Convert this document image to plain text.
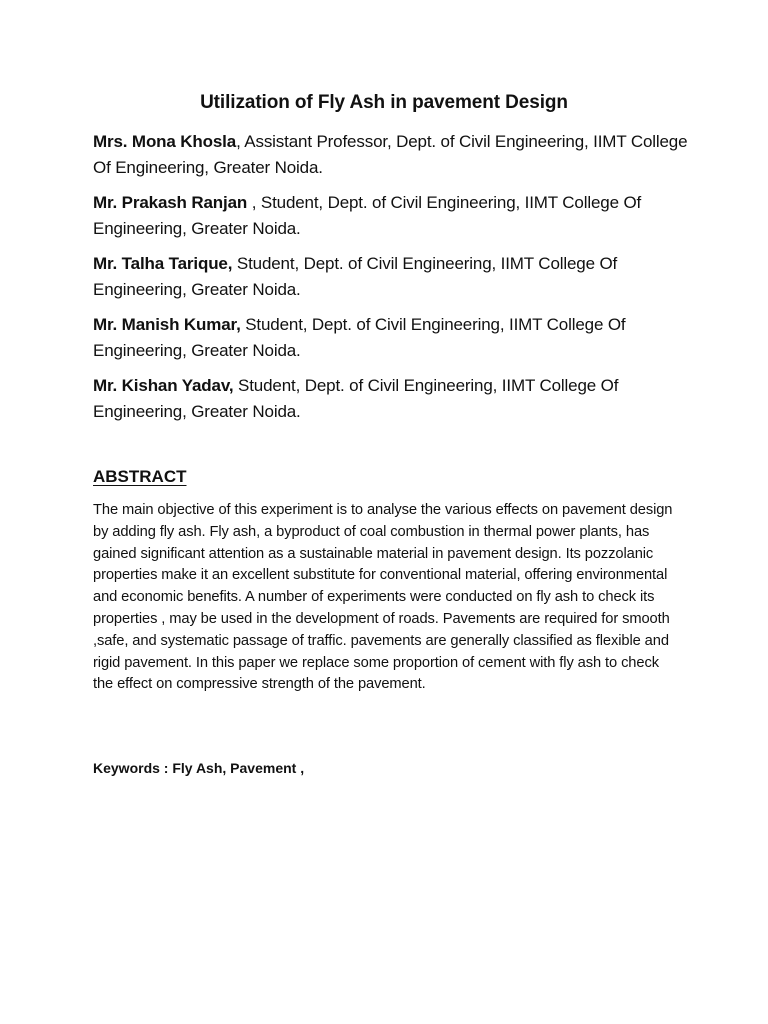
Utilization of Fly Ash in pavement Design

Mrs. Mona Khosla, Assistant Professor, Dept. of Civil Engineering, IIMT College Of Engineering, Greater Noida.

Mr. Prakash Ranjan , Student, Dept. of Civil Engineering, IIMT College Of Engineering, Greater Noida.

Mr. Talha Tarique, Student, Dept. of Civil Engineering, IIMT College Of Engineering, Greater Noida.

Mr. Manish Kumar, Student, Dept. of Civil Engineering, IIMT College Of Engineering, Greater Noida.

Mr. Kishan Yadav, Student, Dept. of Civil Engineering, IIMT College Of Engineering, Greater Noida.

ABSTRACT
The main objective of this experiment is to analyse the various effects on pavement design by adding fly ash. Fly ash, a byproduct of coal combustion in thermal power plants, has gained significant attention as a sustainable material in pavement design. Its pozzolanic properties make it an excellent substitute for conventional material, offering environmental and economic benefits. A number of experiments were conducted on fly ash to check its properties , may be used in the development of roads. Pavements are required for smooth ,safe, and systematic passage of traffic. pavements are generally classified as flexible and rigid pavement. In this paper we replace some proportion of cement with fly ash to check the effect on compressive strength of the pavement.
Keywords : Fly Ash, Pavement ,
